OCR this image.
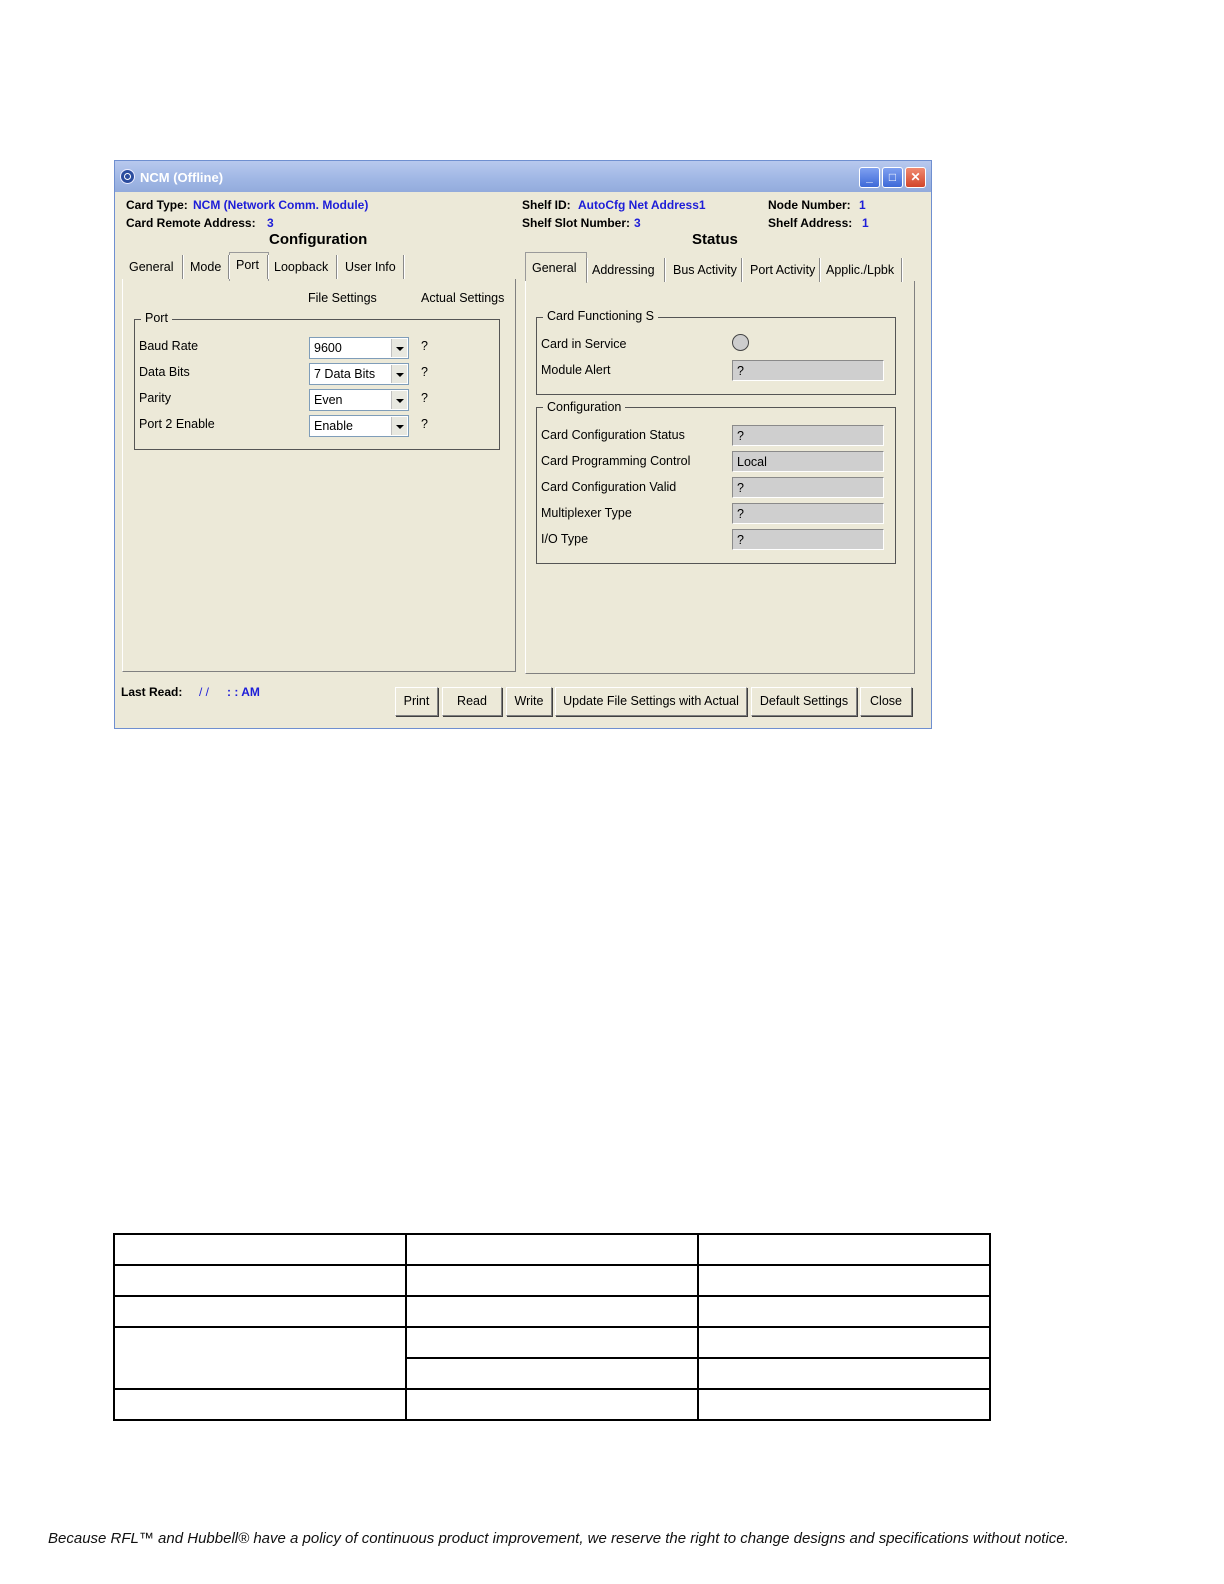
NCM (Offline)	_	□	✕
Card Type: NCM (Network Comm. Module)
Card Remote Address: 3
Shelf ID: AutoCfg Net Address1
Shelf Slot Number: 3
Node Number: 1
Shelf Address: 1
Configuration
General Mode Port Loopback User Info
File Settings	Actual Settings
Port
Baud Rate	9600	?
Data Bits	7 Data Bits	?
Parity	Even	?
Port 2 Enable	Enable	?
Status
General Addressing Bus Activity Port Activity Applic./Lpbk
Card Functioning S
Card in Service
Module Alert	?
Configuration
Card Configuration Status	?
Card Programming Control	Local
Card Configuration Valid	?
Multiplexer Type	?
I/O Type	?
Last Read: / / : : AM
Print	Read	Write	Update File Settings with Actual	Default Settings	Close

Because RFL™ and Hubbell® have a policy of continuous product improvement, we reserve the right to change designs and specifications without notice.
